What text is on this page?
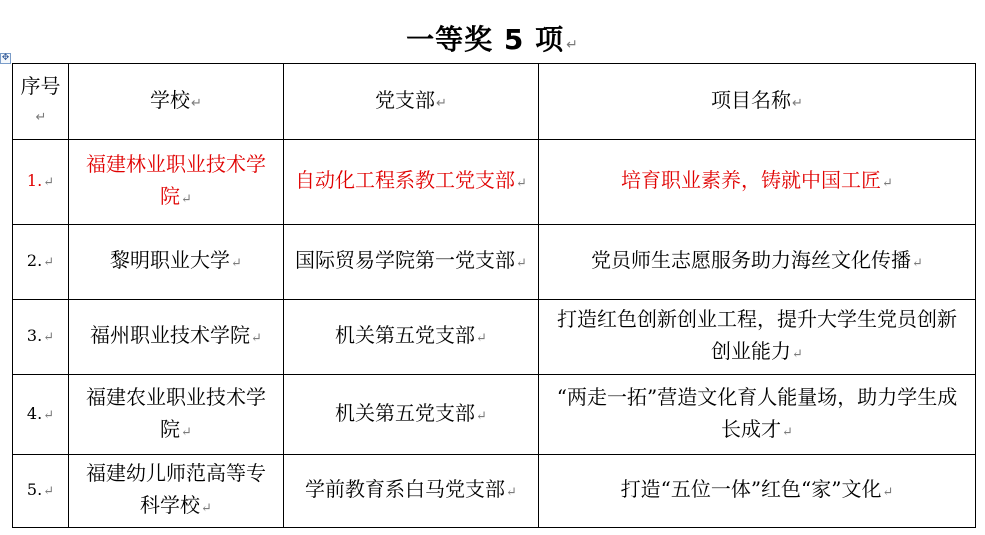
一等奖 5 项 ↵
✥
序号↵	学校↵	党支部↵	项目名称↵
1.↵	福建林业职业技术学院↵	自动化工程系教工党支部↵	培育职业素养，铸就中国工匠↵
2.↵	黎明职业大学↵	国际贸易学院第一党支部↵	党员师生志愿服务助力海丝文化传播↵
3.↵	福州职业技术学院↵	机关第五党支部↵	打造红色创新创业工程，提升大学生党员创新创业能力↵
4.↵	福建农业职业技术学院↵	机关第五党支部↵	“两走一拓”营造文化育人能量场，助力学生成长成才↵
5.↵	福建幼儿师范高等专科学校↵	学前教育系白马党支部↵	打造“五位一体”红色“家”文化↵
